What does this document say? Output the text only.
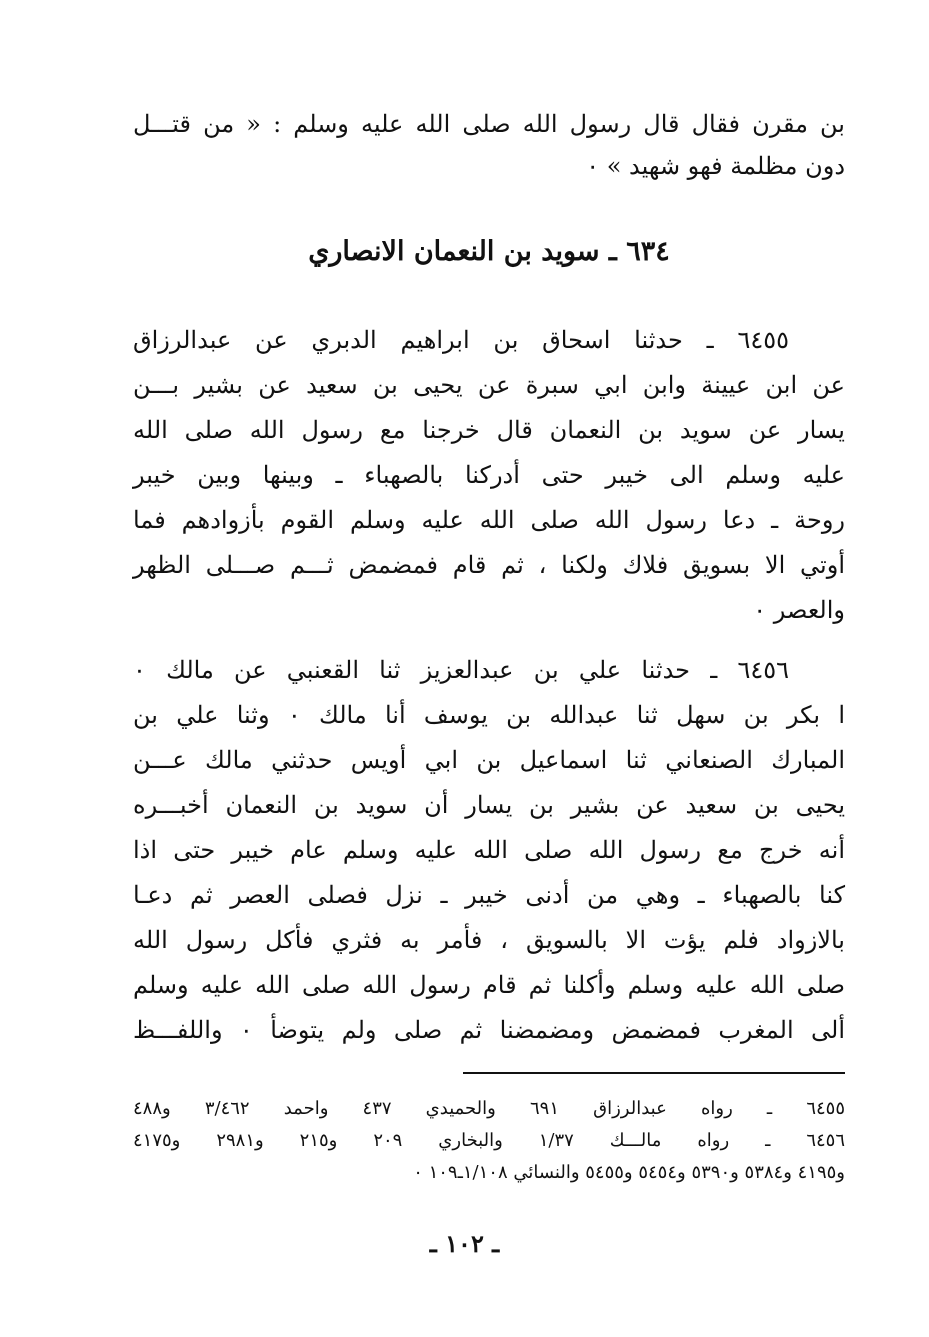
بن مقرن فقال قال رسول الله صلى الله عليه وسلم : « من قتـــل
دون مظلمة فهو شهيد » ٠
٦٣٤ ـ سويد بن النعمان الانصاري
٦٤٥٥ ـ حدثنا اسحاق بن ابراهيم الدبري عن عبدالرزاق
عن ابن عيينة وابن ابي سبرة عن يحيى بن سعيد عن بشير بـــن
يسار عن سويد بن النعمان قال خرجنا مع رسول الله صلى الله
عليه وسلم الى خيبر حتى أدركنا بالصهباء ـ وبينها وبين خيبر
روحة ـ دعا رسول الله صلى الله عليه وسلم القوم بأزوادهم فما
أوتي الا بسويق فلاك ولكنا ، ثم قام فمضمض ثـــم صـــلى الظهر
والعصر ٠
٦٤٥٦ ـ حدثنا علي بن عبدالعزيز ثنا القعنبي عن مالك ٠
ا بكر بن سهل ثنا عبدالله بن يوسف أنا مالك ٠ وثنا علي بن
المبارك الصنعاني ثنا اسماعيل بن ابي أويس حدثني مالك عـــن
يحيى بن سعيد عن بشير بن يسار أن سويد بن النعمان أخبـــره
أنه خرج مع رسول الله صلى الله عليه وسلم عام خيبر حتى اذا
كنا بالصهباء ـ وهي من أدنى خيبر ـ نزل فصلى العصر ثم دعـا
بالازواد فلم يؤت الا بالسويق ، فأمر به فثري فأكل رسول الله
صلى الله عليه وسلم وأكلنا ثم قام رسول الله صلى الله عليه وسلم
ألى المغرب فمضمض ومضمضنا ثم صلى ولم يتوضأ ٠ واللفـــظ
٦٤٥٥ ـ رواه عبدالرزاق ٦٩١ والحميدي ٤٣٧ واحمد ٣/٤٦٢ و٤٨٨
٦٤٥٦ ـ رواه مالـــك ١/٣٧ والبخاري ٢٠٩ و٢١٥ و٢٩٨١ و٤١٧٥
و٤١٩٥ و٥٣٨٤ و٥٣٩٠ و٥٤٥٤ و٥٤٥٥ والنسائي ١/١٠٨ـ١٠٩ ٠
ـ ١٠٢ ـ
